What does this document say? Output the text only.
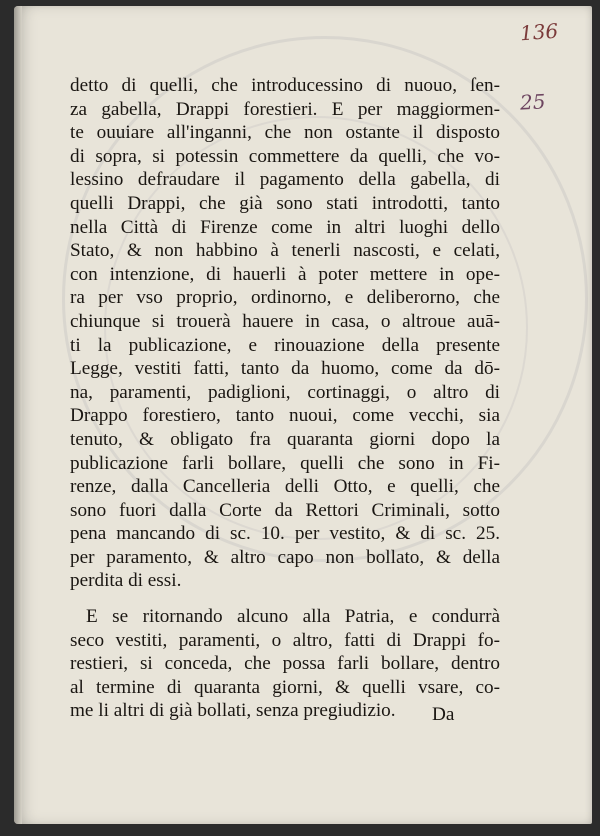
136
25
detto di quelli, che introducessino di nuouo, ſen-
za gabella, Drappi forestieri. E per maggiormen-
te ouuiare all'inganni, che non ostante il disposto
di sopra, si potessin commettere da quelli, che vo-
lessino defraudare il pagamento della gabella, di
quelli Drappi, che già sono stati introdotti, tanto
nella Città di Firenze come in altri luoghi dello
Stato, & non habbino à tenerli nascosti, e celati,
con intenzione, di hauerli à poter mettere in ope-
ra per vso proprio, ordinorno, e deliberorno, che
chiunque si trouerà hauere in casa, o altroue auā-
ti la publicazione, e rinouazione della presente
Legge, vestiti fatti, tanto da huomo, come da dō-
na, paramenti, padiglioni, cortinaggi, o altro di
Drappo forestiero, tanto nuoui, come vecchi, sia
tenuto, & obligato fra quaranta giorni dopo la
publicazione farli bollare, quelli che sono in Fi-
renze, dalla Cancelleria delli Otto, e quelli, che
sono fuori dalla Corte da Rettori Criminali, sotto
pena mancando di sc. 10. per vestito, & di sc. 25.
per paramento, & altro capo non bollato, & della
perdita di essi.
E se ritornando alcuno alla Patria, e condurrà
seco vestiti, paramenti, o altro, fatti di Drappi fo-
restieri, si conceda, che possa farli bollare, dentro
al termine di quaranta giorni, & quelli vsare, co-
me li altri di già bollati, senza pregiudizio.	Da
